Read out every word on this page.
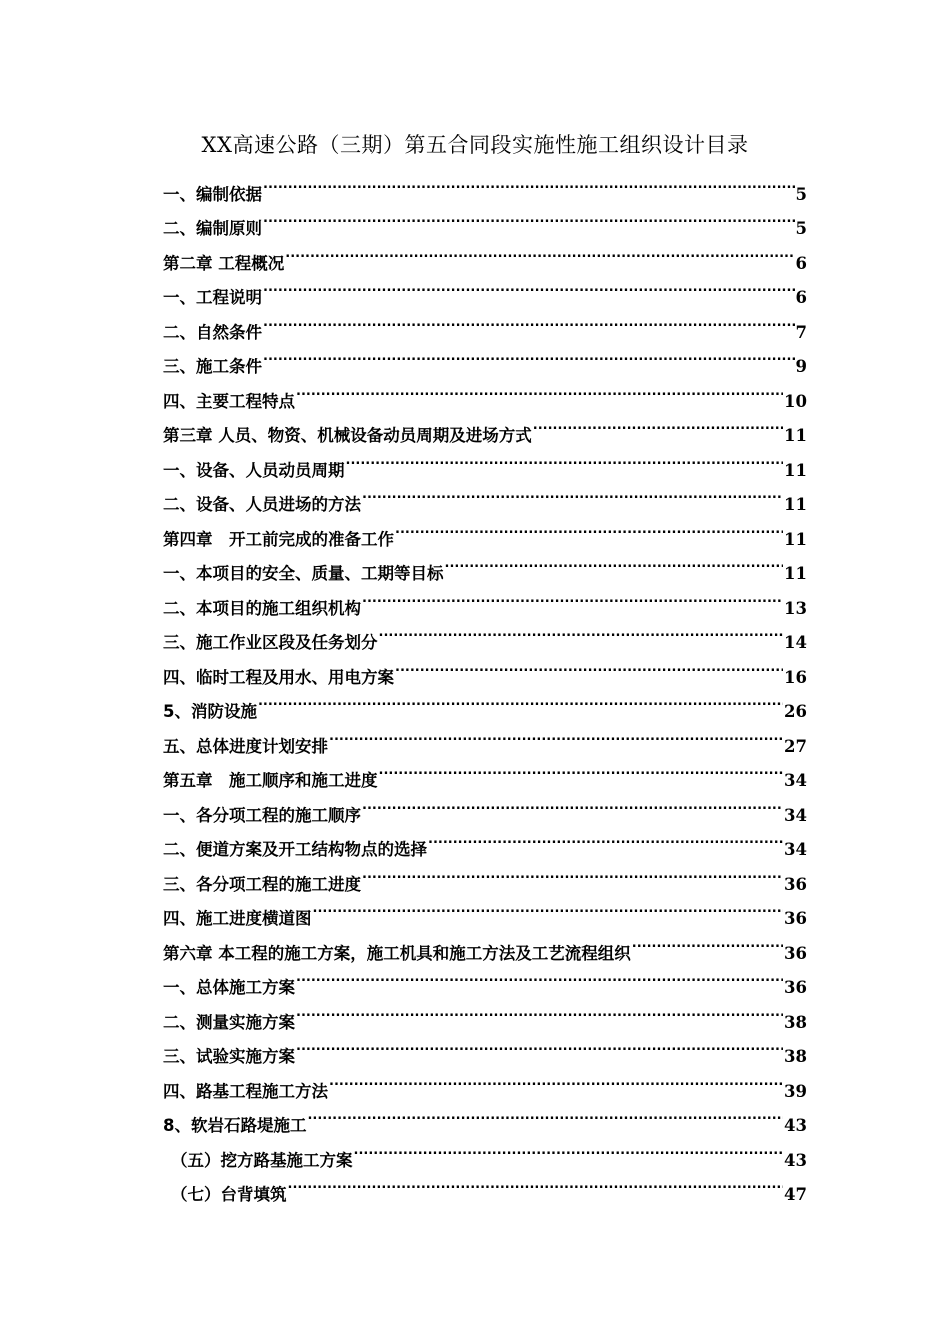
XX高速公路（三期）第五合同段实施性施工组织设计目录
一、编制依据 .....	5
二、编制原则 .....	5
第二章 工程概况 .....	6
一、工程说明 .....	6
二、自然条件 .....	7
三、施工条件 .....	9
四、主要工程特点 .....	10
第三章 人员、物资、机械设备动员周期及进场方式 .....	11
一、设备、人员动员周期 .....	11
二、设备、人员进场的方法 .....	11
第四章　开工前完成的准备工作 .....	11
一、本项目的安全、质量、工期等目标 .....	11
二、本项目的施工组织机构 .....	13
三、施工作业区段及任务划分 .....	14
四、临时工程及用水、用电方案 .....	16
5、消防设施 .....	26
五、总体进度计划安排 .....	27
第五章　施工顺序和施工进度 .....	34
一、各分项工程的施工顺序 .....	34
二、便道方案及开工结构物点的选择 .....	34
三、各分项工程的施工进度 .....	36
四、施工进度横道图 .....	36
第六章 本工程的施工方案，施工机具和施工方法及工艺流程组织 .....	36
一、总体施工方案 .....	36
二、测量实施方案 .....	38
三、试验实施方案 .....	38
四、路基工程施工方法 .....	39
8、软岩石路堤施工 .....	43
（五）挖方路基施工方案 .....	43
（七）台背填筑 .....	47
